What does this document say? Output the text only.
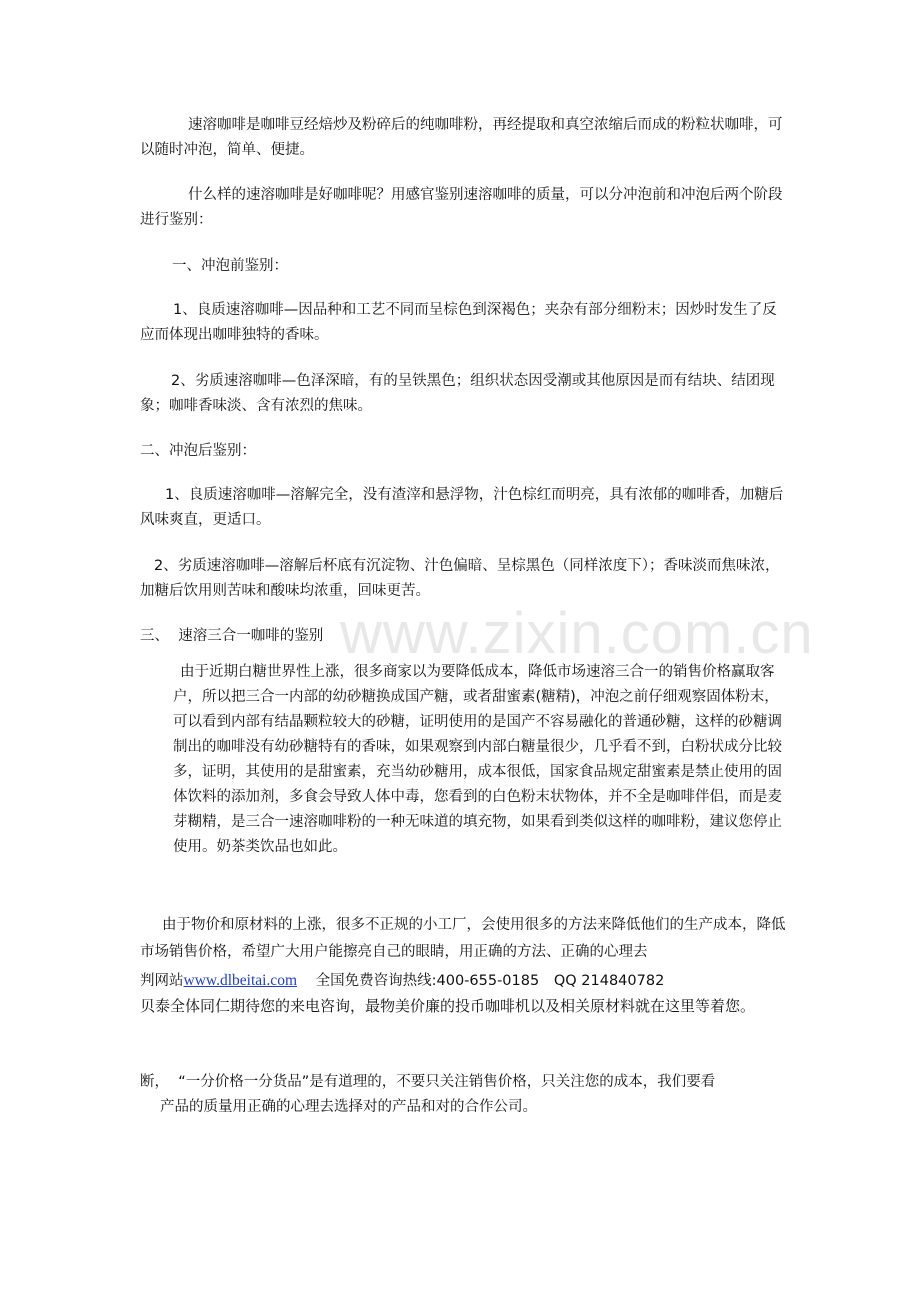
www.zixin.com.cn

速溶咖啡是咖啡豆经焙炒及粉碎后的纯咖啡粉，再经提取和真空浓缩后而成的粉粒状咖啡，可以随时冲泡，简单、便捷。

什么样的速溶咖啡是好咖啡呢？用感官鉴别速溶咖啡的质量，可以分冲泡前和冲泡后两个阶段进行鉴别：

一、冲泡前鉴别：

1、良质速溶咖啡—因品种和工艺不同而呈棕色到深褐色；夹杂有部分细粉末；因炒时发生了反应而体现出咖啡独特的香味。

2、劣质速溶咖啡—色泽深暗，有的呈铁黑色；组织状态因受潮或其他原因是而有结块、结团现象；咖啡香味淡、含有浓烈的焦味。

二、冲泡后鉴别：

1、良质速溶咖啡—溶解完全，没有渣滓和悬浮物，汁色棕红而明亮，具有浓郁的咖啡香，加糖后风味爽直，更适口。

2、劣质速溶咖啡—溶解后杯底有沉淀物、汁色偏暗、呈棕黑色（同样浓度下）；香味淡而焦味浓，加糖后饮用则苦味和酸味均浓重，回味更苦。

三、  速溶三合一咖啡的鉴别

由于近期白糖世界性上涨，很多商家以为要降低成本，降低市场速溶三合一的销售价格赢取客户，所以把三合一内部的幼砂糖换成国产糖，或者甜蜜素(糖精)，冲泡之前仔细观察固体粉末，可以看到内部有结晶颗粒较大的砂糖，证明使用的是国产不容易融化的普通砂糖，这样的砂糖调制出的咖啡没有幼砂糖特有的香味，如果观察到内部白糖量很少，几乎看不到，白粉状成分比较多，证明，其使用的是甜蜜素，充当幼砂糖用，成本很低，国家食品规定甜蜜素是禁止使用的固体饮料的添加剂，多食会导致人体中毒，您看到的白色粉末状物体，并不全是咖啡伴侣，而是麦芽糊精，是三合一速溶咖啡粉的一种无味道的填充物，如果看到类似这样的咖啡粉，建议您停止使用。奶茶类饮品也如此。

由于物价和原材料的上涨，很多不正规的小工厂，会使用很多的方法来降低他们的生产成本，降低市场销售价格，希望广大用户能擦亮自己的眼睛，用正确的方法、正确的心理去

判网站www.dlbeitai.com 全国免费咨询热线:400-655-0185 QQ 214840782

贝泰全体同仁期待您的来电咨询，最物美价廉的投币咖啡机以及相关原材料就在这里等着您。

断，  “一分价格一分货品”是有道理的，不要只关注销售价格，只关注您的成本，我们要看

产品的质量用正确的心理去选择对的产品和对的合作公司。
